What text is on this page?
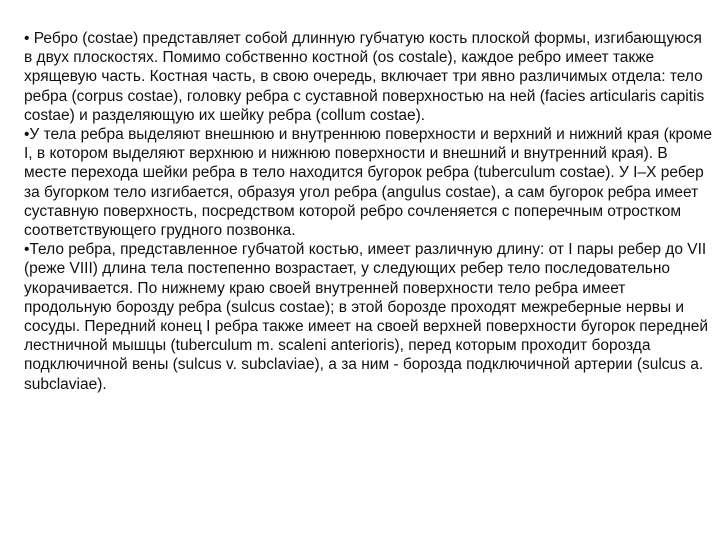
• Ребро (costae) представляет собой длинную губчатую кость плоской формы, изгибающуюся в двух плоскостях. Помимо собственно костной (os costale), каждое ребро имеет также хрящевую часть. Костная часть, в свою очередь, включает три явно различимых отдела: тело ребра (corpus costae), головку ребра с суставной поверхностью на ней (facies articularis capitis costae) и разделяющую их шейку ребра (collum costae).

•У тела ребра выделяют внешнюю и внутреннюю поверхности и верхний и нижний края (кроме I, в котором выделяют верхнюю и нижнюю поверхности и внешний и внутренний края). В месте перехода шейки ребра в тело находится бугорок ребра (tuberculum costae). У I–X ребер за бугорком тело изгибается, образуя угол ребра (angulus costae), а сам бугорок ребра имеет суставную поверхность, посредством которой ребро сочленяется с поперечным отростком соответствующего грудного позвонка.

•Тело ребра, представленное губчатой костью, имеет различную длину: от I пары ребер до VII (реже VIII) длина тела постепенно возрастает, у следующих ребер тело последовательно укорачивается. По нижнему краю своей внутренней поверхности тело ребра имеет продольную борозду ребра (sulcus costae); в этой борозде проходят межреберные нервы и сосуды. Передний конец I ребра также имеет на своей верхней поверхности бугорок передней лестничной мышцы (tuberculum m. scaleni anterioris), перед которым проходит борозда подключичной вены (sulcus v. subclaviae), а за ним - борозда подключичной артерии (sulcus a. subclaviae).
